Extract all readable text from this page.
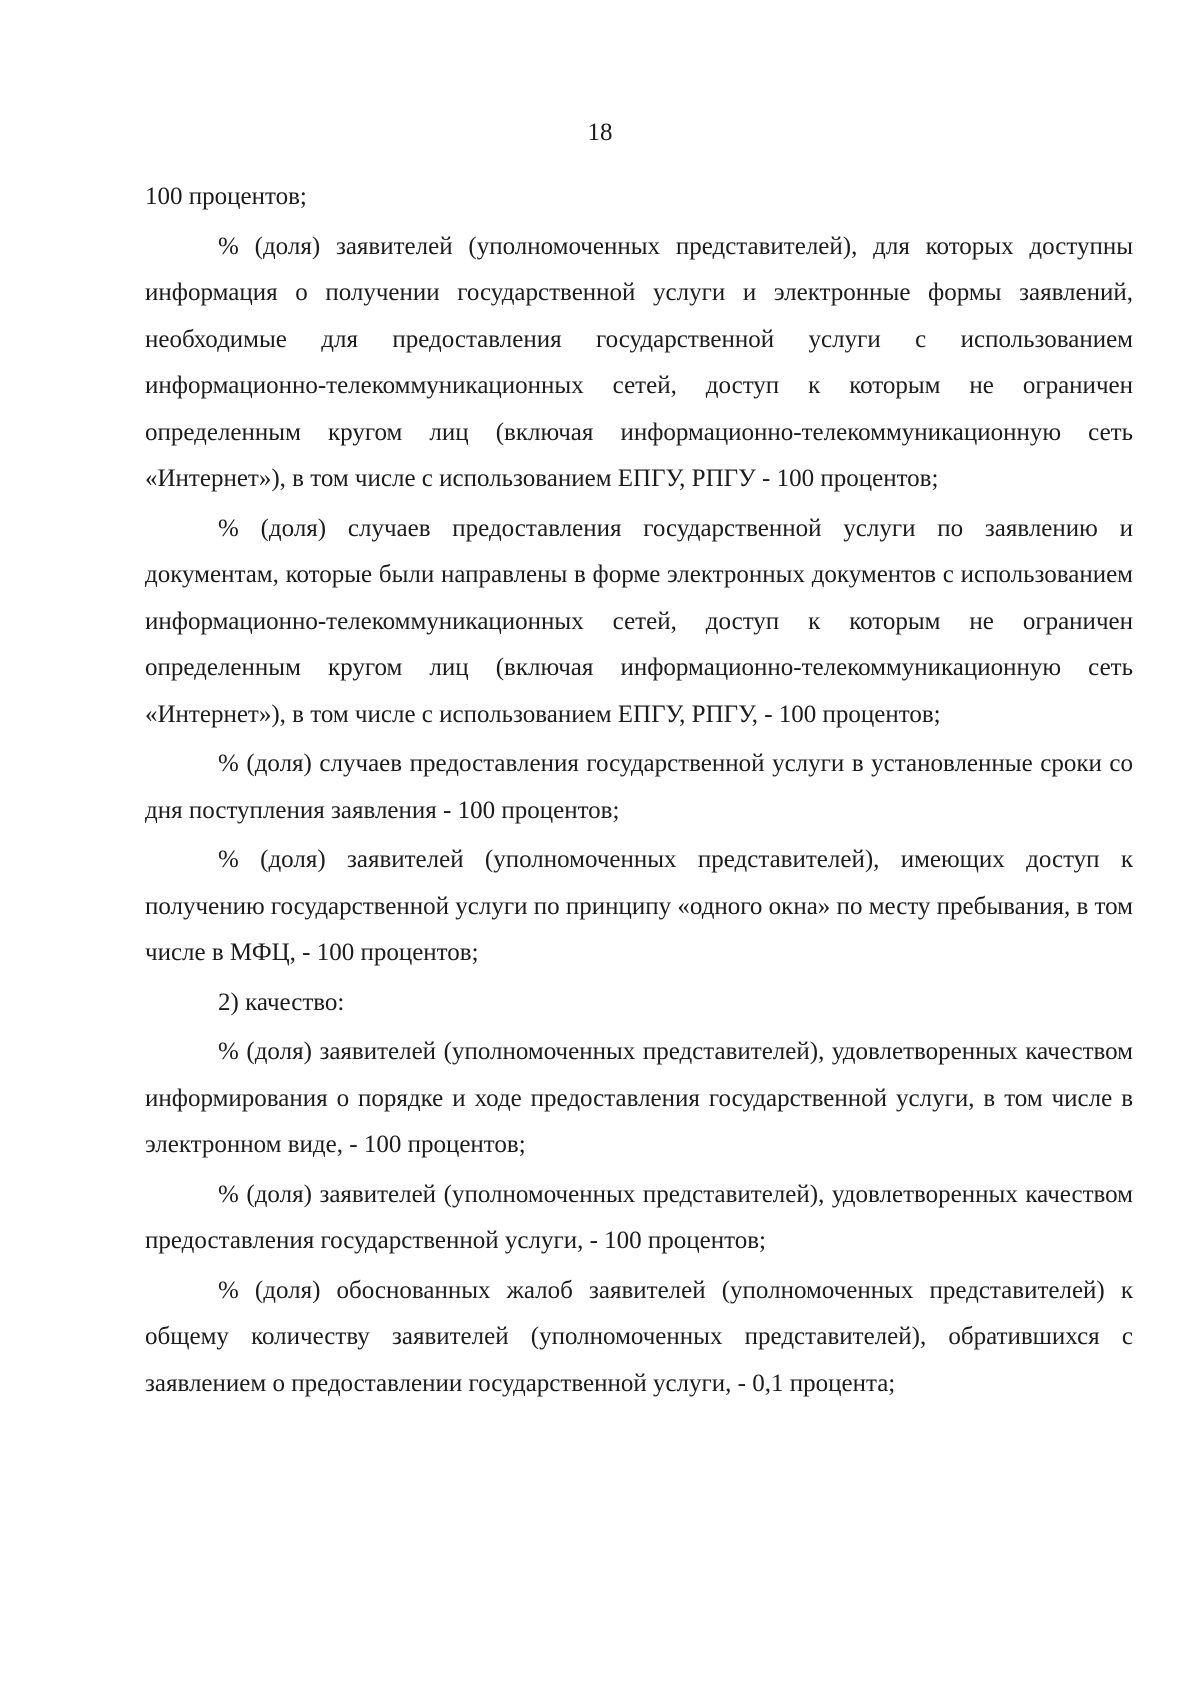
18

100 процентов;

% (доля) заявителей (уполномоченных представителей), для которых доступны информация о получении государственной услуги и электронные формы заявлений, необходимые для предоставления государственной услуги с использованием информационно-телекоммуникационных сетей, доступ к которым не ограничен определенным кругом лиц (включая информационно-телекоммуникационную сеть «Интернет»), в том числе с использованием ЕПГУ, РПГУ - 100 процентов;

% (доля) случаев предоставления государственной услуги по заявлению и документам, которые были направлены в форме электронных документов с использованием информационно-телекоммуникационных сетей, доступ к которым не ограничен определенным кругом лиц (включая информационно-телекоммуникационную сеть «Интернет»), в том числе с использованием ЕПГУ, РПГУ, - 100 процентов;

% (доля) случаев предоставления государственной услуги в установленные сроки со дня поступления заявления - 100 процентов;

% (доля) заявителей (уполномоченных представителей), имеющих доступ к получению государственной услуги по принципу «одного окна» по месту пребывания, в том числе в МФЦ, - 100 процентов;

2) качество:

% (доля) заявителей (уполномоченных представителей), удовлетворенных качеством информирования о порядке и ходе предоставления государственной услуги, в том числе в электронном виде, - 100 процентов;

% (доля) заявителей (уполномоченных представителей), удовлетворенных качеством предоставления государственной услуги, - 100 процентов;

% (доля) обоснованных жалоб заявителей (уполномоченных представителей) к общему количеству заявителей (уполномоченных представителей), обратившихся с заявлением о предоставлении государственной услуги, - 0,1 процента;
